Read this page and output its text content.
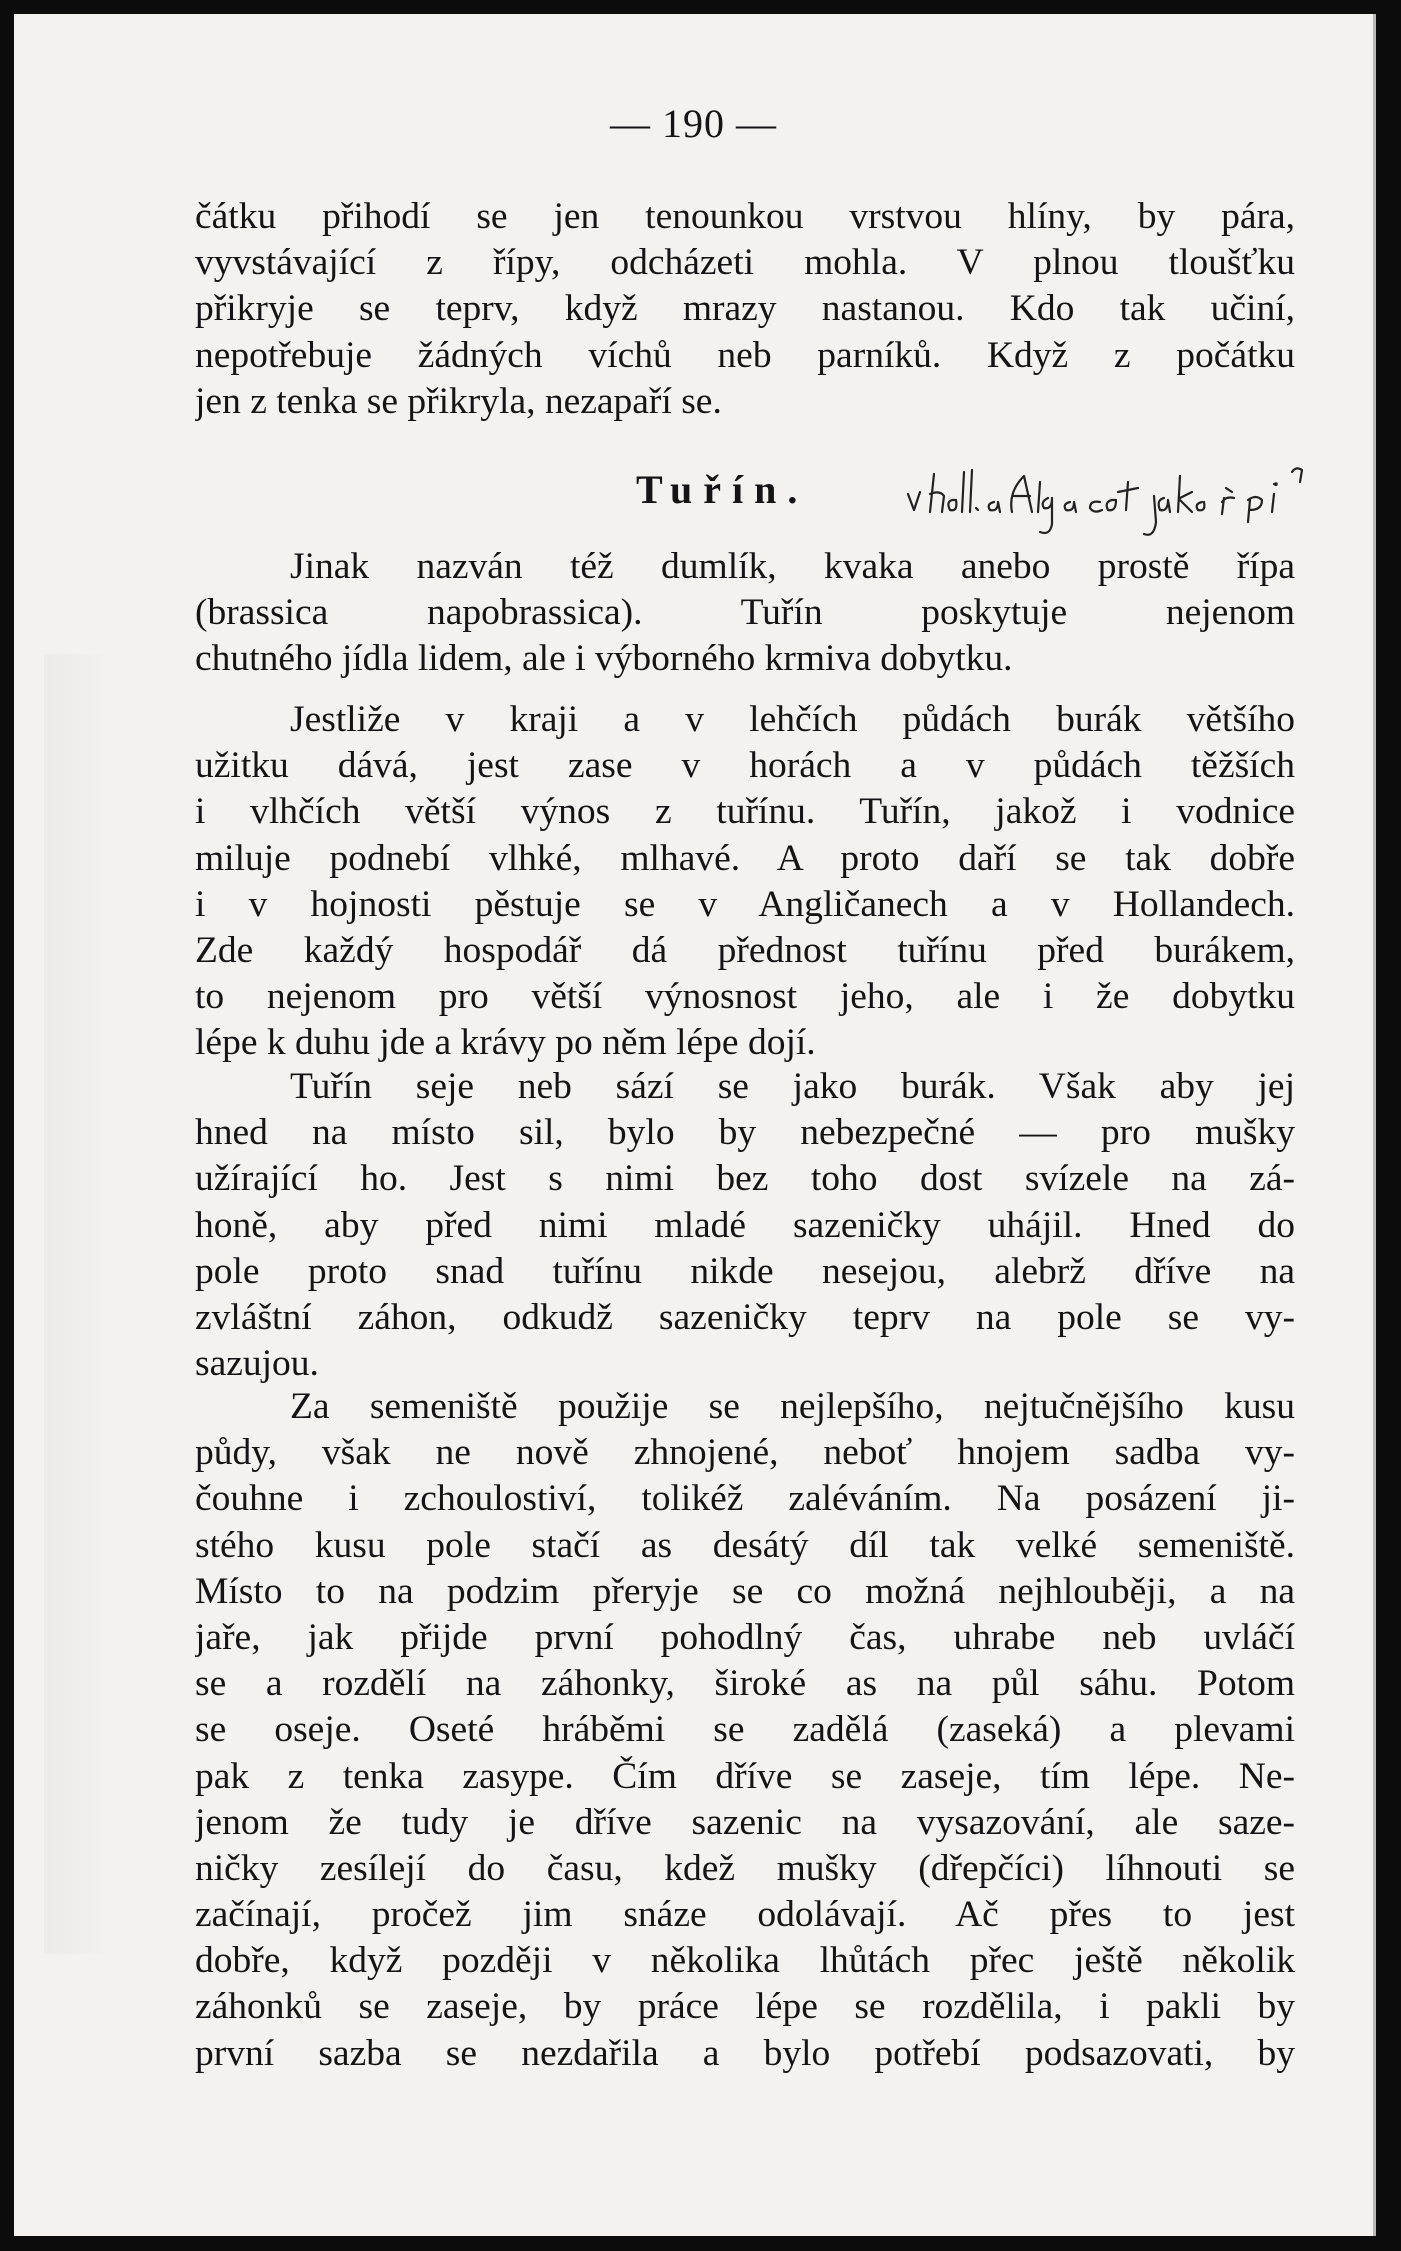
— 190 —
čátku přihodí se jen tenounkou vrstvou hlíny, by pára,
vyvstávající z řípy, odcházeti mohla. V plnou tloušťku
přikryje se teprv, když mrazy nastanou. Kdo tak učiní,
nepotřebuje žádných víchů neb parníků. Když z počátku
jen z tenka se přikryla, nezapaří se.
Tuřín.
Jinak nazván též dumlík, kvaka anebo prostě řípa
(brassica napobrassica). Tuřín poskytuje nejenom
chutného jídla lidem, ale i výborného krmiva dobytku.
Jestliže v kraji a v lehčích půdách burák většího
užitku dává, jest zase v horách a v půdách těžších
i vlhčích větší výnos z tuřínu. Tuřín, jakož i vodnice
miluje podnebí vlhké, mlhavé. A proto daří se tak dobře
i v hojnosti pěstuje se v Angličanech a v Hollandech.
Zde každý hospodář dá přednost tuřínu před burákem,
to nejenom pro větší výnosnost jeho, ale i že dobytku
lépe k duhu jde a krávy po něm lépe dojí.
Tuřín seje neb sází se jako burák. Však aby jej
hned na místo sil, bylo by nebezpečné — pro mušky
užírající ho. Jest s nimi bez toho dost svízele na zá-
honě, aby před nimi mladé sazeničky uhájil. Hned do
pole proto snad tuřínu nikde nesejou, alebrž dříve na
zvláštní záhon, odkudž sazeničky teprv na pole se vy-
sazujou.
Za semeniště použije se nejlepšího, nejtučnějšího kusu
půdy, však ne nově zhnojené, neboť hnojem sadba vy-
čouhne i zchoulostiví, tolikéž zaléváním. Na posázení ji-
stého kusu pole stačí as desátý díl tak velké semeniště.
Místo to na podzim přeryje se co možná nejhlouběji, a na
jaře, jak přijde první pohodlný čas, uhrabe neb uvláčí
se a rozdělí na záhonky, široké as na půl sáhu. Potom
se oseje. Oseté hráběmi se zadělá (zaseká) a plevami
pak z tenka zasype. Čím dříve se zaseje, tím lépe. Ne-
jenom že tudy je dříve sazenic na vysazování, ale saze-
ničky zesílejí do času, kdež mušky (dřepčíci) líhnouti se
začínají, pročež jim snáze odolávají. Ač přes to jest
dobře, když později v několika lhůtách přec ještě několik
záhonků se zaseje, by práce lépe se rozdělila, i pakli by
první sazba se nezdařila a bylo potřebí podsazovati, by
